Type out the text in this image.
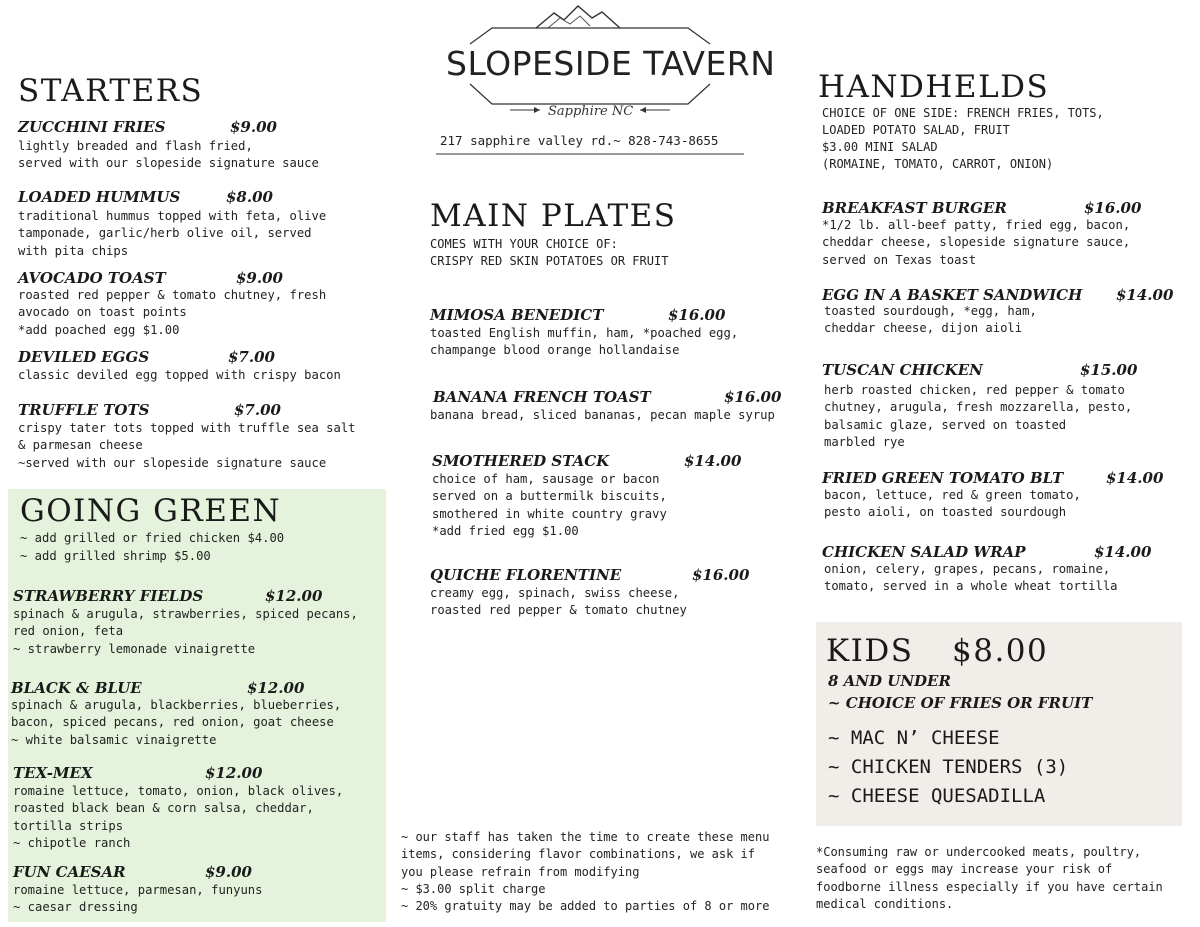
SLOPESIDE TAVERN
Sapphire NC
217 sapphire valley rd.~ 828-743-8655
STARTERS
ZUCCHINI FRIES	$9.00
lightly breaded and flash fried,
served with our slopeside signature sauce
LOADED HUMMUS	$8.00
traditional hummus topped with feta, olive
tamponade, garlic/herb olive oil, served
with pita chips
AVOCADO TOAST	$9.00
roasted red pepper & tomato chutney, fresh
avocado on toast points
*add poached egg $1.00
DEVILED EGGS	$7.00
classic deviled egg topped with crispy bacon
TRUFFLE TOTS	$7.00
crispy tater tots topped with truffle sea salt
& parmesan cheese
~served with our slopeside signature sauce
GOING GREEN
~ add grilled or fried chicken $4.00
~ add grilled shrimp $5.00
STRAWBERRY FIELDS	$12.00
spinach & arugula, strawberries, spiced pecans,
red onion, feta
~ strawberry lemonade vinaigrette
BLACK & BLUE	$12.00
spinach & arugula, blackberries, blueberries,
bacon, spiced pecans, red onion, goat cheese
~ white balsamic vinaigrette
TEX-MEX	$12.00
romaine lettuce, tomato, onion, black olives,
roasted black bean & corn salsa, cheddar,
tortilla strips
~ chipotle ranch
FUN CAESAR	$9.00
romaine lettuce, parmesan, funyuns
~ caesar dressing
MAIN PLATES
COMES WITH YOUR CHOICE OF:
CRISPY RED SKIN POTATOES OR FRUIT
MIMOSA BENEDICT	$16.00
toasted English muffin, ham, *poached egg,
champange blood orange hollandaise
BANANA FRENCH TOAST	$16.00
banana bread, sliced bananas, pecan maple syrup
SMOTHERED STACK	$14.00
choice of ham, sausage or bacon
served on a buttermilk biscuits,
smothered in white country gravy
*add fried egg $1.00
QUICHE FLORENTINE	$16.00
creamy egg, spinach, swiss cheese,
roasted red pepper & tomato chutney
~ our staff has taken the time to create these menu
items, considering flavor combinations, we ask if
you please refrain from modifying
~ $3.00 split charge
~ 20% gratuity may be added to parties of 8 or more
HANDHELDS
CHOICE OF ONE SIDE: FRENCH FRIES, TOTS,
LOADED POTATO SALAD, FRUIT
$3.00 MINI SALAD
(ROMAINE, TOMATO, CARROT, ONION)
BREAKFAST BURGER	$16.00
*1/2 lb. all-beef patty, fried egg, bacon,
cheddar cheese, slopeside signature sauce,
served on Texas toast
EGG IN A BASKET SANDWICH $14.00
toasted sourdough, *egg, ham,
cheddar cheese, dijon aioli
TUSCAN CHICKEN	$15.00
herb roasted chicken, red pepper & tomato
chutney, arugula, fresh mozzarella, pesto,
balsamic glaze, served on toasted
marbled rye
FRIED GREEN TOMATO BLT	$14.00
bacon, lettuce, red & green tomato,
pesto aioli, on toasted sourdough
CHICKEN SALAD WRAP	$14.00
onion, celery, grapes, pecans, romaine,
tomato, served in a whole wheat tortilla
KIDS $8.00
8 AND UNDER
~ CHOICE OF FRIES OR FRUIT
~ MAC N’ CHEESE
~ CHICKEN TENDERS (3)
~ CHEESE QUESADILLA
*Consuming raw or undercooked meats, poultry,
seafood or eggs may increase your risk of
foodborne illness especially if you have certain
medical conditions.
